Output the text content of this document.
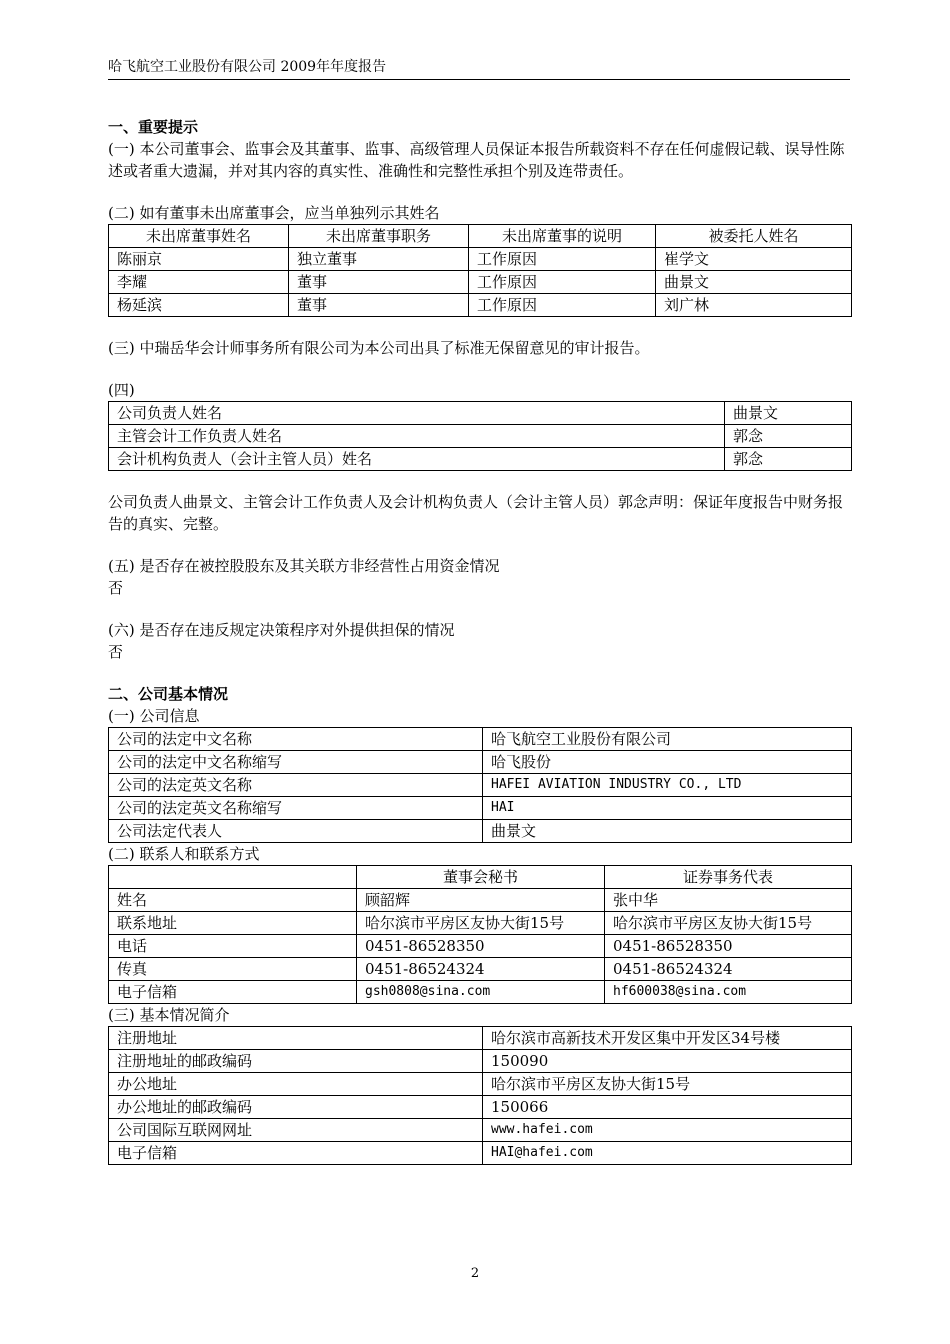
哈飞航空工业股份有限公司 2009年年度报告

一、重要提示

(一) 本公司董事会、监事会及其董事、监事、高级管理人员保证本报告所载资料不存在任何虚假记载、误导性陈述或者重大遗漏，并对其内容的真实性、准确性和完整性承担个别及连带责任。

(二) 如有董事未出席董事会，应当单独列示其姓名

未出席董事姓名	未出席董事职务	未出席董事的说明	被委托人姓名
陈丽京	独立董事	工作原因	崔学文
李耀	董事	工作原因	曲景文
杨延滨	董事	工作原因	刘广林

(三) 中瑞岳华会计师事务所有限公司为本公司出具了标准无保留意见的审计报告。

(四)

公司负责人姓名	曲景文
主管会计工作负责人姓名	郭念
会计机构负责人（会计主管人员）姓名	郭念

公司负责人曲景文、主管会计工作负责人及会计机构负责人（会计主管人员）郭念声明：保证年度报告中财务报告的真实、完整。

(五) 是否存在被控股股东及其关联方非经营性占用资金情况

否

(六) 是否存在违反规定决策程序对外提供担保的情况

否

二、公司基本情况

(一) 公司信息

公司的法定中文名称	哈飞航空工业股份有限公司
公司的法定中文名称缩写	哈飞股份
公司的法定英文名称	HAFEI AVIATION INDUSTRY CO., LTD
公司的法定英文名称缩写	HAI
公司法定代表人	曲景文

(二) 联系人和联系方式

	董事会秘书	证券事务代表
姓名	顾韶辉	张中华
联系地址	哈尔滨市平房区友协大街15号	哈尔滨市平房区友协大街15号
电话	0451-86528350	0451-86528350
传真	0451-86524324	0451-86524324
电子信箱	gsh0808@sina.com	hf600038@sina.com

(三) 基本情况简介

注册地址	哈尔滨市高新技术开发区集中开发区34号楼
注册地址的邮政编码	150090
办公地址	哈尔滨市平房区友协大街15号
办公地址的邮政编码	150066
公司国际互联网网址	www.hafei.com
电子信箱	HAI@hafei.com
2
